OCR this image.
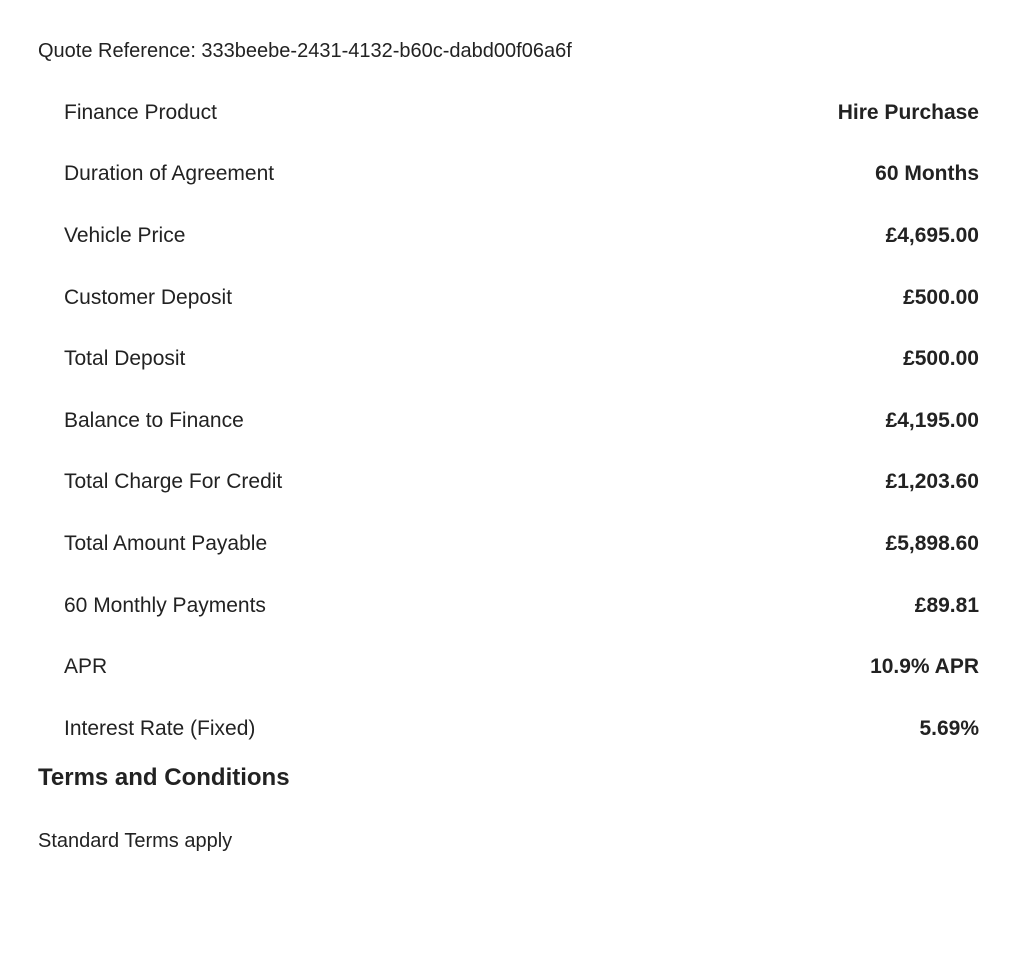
Quote Reference: 333beebe-2431-4132-b60c-dabd00f06a6f
Finance Product	Hire Purchase
Duration of Agreement	60 Months
Vehicle Price	£4,695.00
Customer Deposit	£500.00
Total Deposit	£500.00
Balance to Finance	£4,195.00
Total Charge For Credit	£1,203.60
Total Amount Payable	£5,898.60
60 Monthly Payments	£89.81
APR	10.9% APR
Interest Rate (Fixed)	5.69%
Terms and Conditions
Standard Terms apply
